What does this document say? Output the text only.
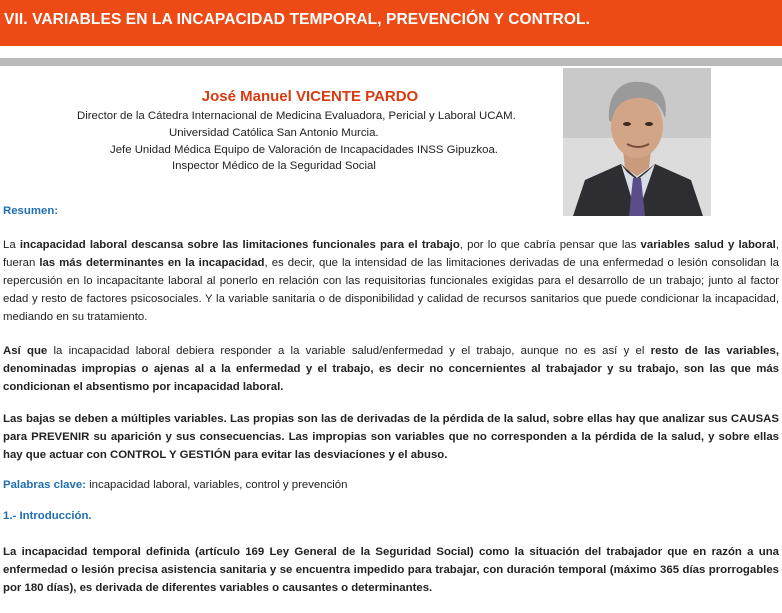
VII. VARIABLES EN LA INCAPACIDAD TEMPORAL, PREVENCIÓN Y CONTROL.
José Manuel VICENTE PARDO
Director de la Cátedra Internacional de Medicina Evaluadora, Pericial y Laboral UCAM.
Universidad Católica San Antonio Murcia.
Jefe Unidad Médica Equipo de Valoración de Incapacidades INSS Gipuzkoa.
Inspector Médico de la Seguridad Social
Resumen:
La incapacidad laboral descansa sobre las limitaciones funcionales para el trabajo, por lo que cabría pensar que las variables salud y laboral, fueran las más determinantes en la incapacidad, es decir, que la intensidad de las limitaciones derivadas de una enfermedad o lesión consolidan la repercusión en lo incapacitante laboral al ponerlo en relación con las requisitorias funcionales exigidas para el desarrollo de un trabajo; junto al factor edad y resto de factores psicosociales. Y la variable sanitaria o de disponibilidad y calidad de recursos sanitarios que puede condicionar la incapacidad, mediando en su tratamiento.
Así que la incapacidad laboral debiera responder a la variable salud/enfermedad y el trabajo, aunque no es así y el resto de las variables, denominadas impropias o ajenas al a la enfermedad y el trabajo, es decir no concernientes al trabajador y su trabajo, son las que más condicionan el absentismo por incapacidad laboral.
Las bajas se deben a múltiples variables. Las propias son las de derivadas de la pérdida de la salud, sobre ellas hay que analizar sus CAUSAS para PREVENIR su aparición y sus consecuencias. Las impropias son variables que no corresponden a la pérdida de la salud, y sobre ellas hay que actuar con CONTROL Y GESTIÓN para evitar las desviaciones y el abuso.
Palabras clave: incapacidad laboral, variables, control y prevención
1.- Introducción.
La incapacidad temporal definida (artículo 169 Ley General de la Seguridad Social) como la situación del trabajador que en razón a una enfermedad o lesión precisa asistencia sanitaria y se encuentra impedido para trabajar, con duración temporal (máximo 365 días prorrogables por 180 días), es derivada de diferentes variables o causantes o determinantes.
